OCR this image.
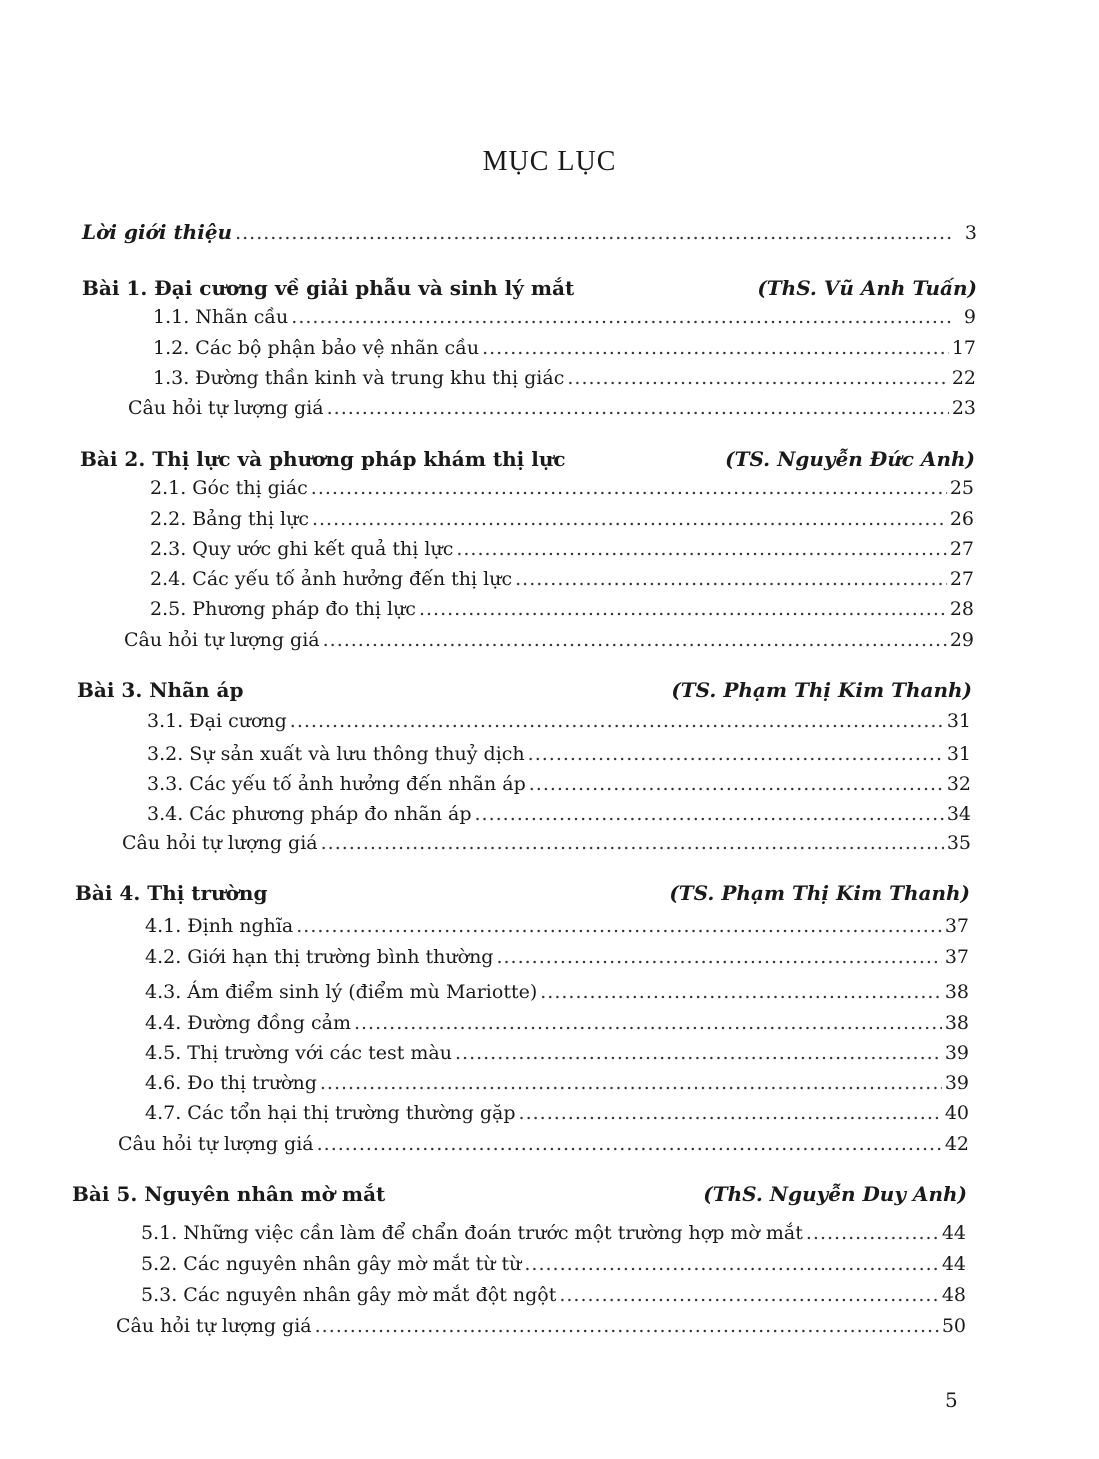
MỤC LỤC
Lời giới thiệu .....	3
Bài 1. Đại cương về giải phẫu và sinh lý mắt	(ThS. Vũ Anh Tuấn)
1.1. Nhãn cầu .....	9
1.2. Các bộ phận bảo vệ nhãn cầu .....	17
1.3. Đường thần kinh và trung khu thị giác .....	22
Câu hỏi tự lượng giá .....	23
Bài 2. Thị lực và phương pháp khám thị lực	(TS. Nguyễn Đức Anh)
2.1. Góc thị giác .....	25
2.2. Bảng thị lực .....	26
2.3. Quy ước ghi kết quả thị lực .....	27
2.4. Các yếu tố ảnh hưởng đến thị lực .....	27
2.5. Phương pháp đo thị lực .....	28
Câu hỏi tự lượng giá .....	29
Bài 3. Nhãn áp	(TS. Phạm Thị Kim Thanh)
3.1. Đại cương .....	31
3.2. Sự sản xuất và lưu thông thuỷ dịch .....	31
3.3. Các yếu tố ảnh hưởng đến nhãn áp .....	32
3.4. Các phương pháp đo nhãn áp .....	34
Câu hỏi tự lượng giá .....	35
Bài 4. Thị trường	(TS. Phạm Thị Kim Thanh)
4.1. Định nghĩa .....	37
4.2. Giới hạn thị trường bình thường .....	37
4.3. Ám điểm sinh lý (điểm mù Mariotte) .....	38
4.4. Đường đồng cảm .....	38
4.5. Thị trường với các test màu .....	39
4.6. Đo thị trường .....	39
4.7. Các tổn hại thị trường thường gặp .....	40
Câu hỏi tự lượng giá .....	42
Bài 5. Nguyên nhân mờ mắt	(ThS. Nguyễn Duy Anh)
5.1. Những việc cần làm để chẩn đoán trước một trường hợp mờ mắt .....	44
5.2. Các nguyên nhân gây mờ mắt từ từ .....	44
5.3. Các nguyên nhân gây mờ mắt đột ngột .....	48
Câu hỏi tự lượng giá .....	50
5
